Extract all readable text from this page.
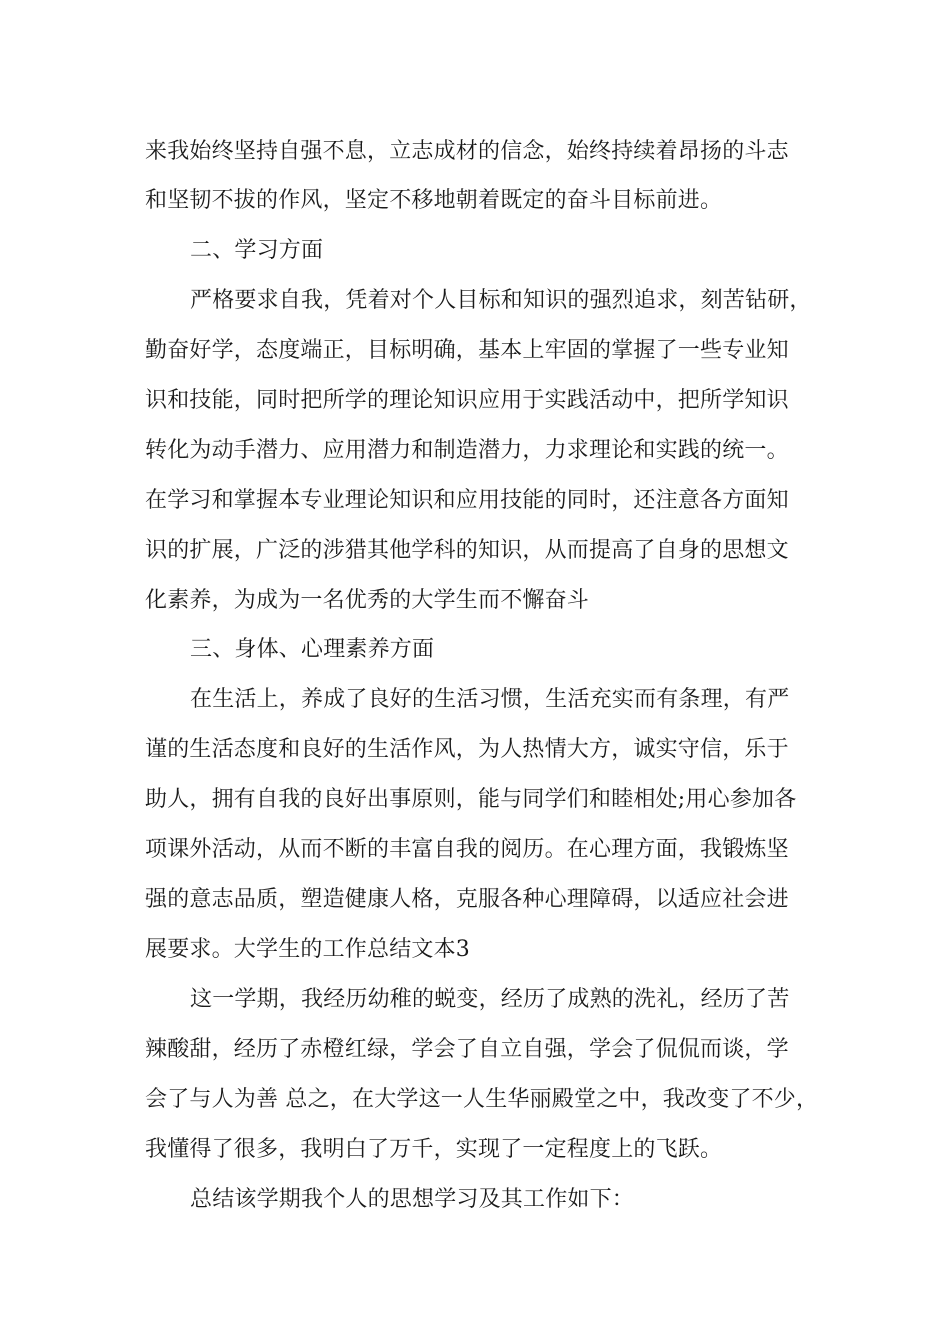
来我始终坚持自强不息，立志成材的信念，始终持续着昂扬的斗志

和坚韧不拔的作风，坚定不移地朝着既定的奋斗目标前进。

二、学习方面

严格要求自我，凭着对个人目标和知识的强烈追求，刻苦钻研，

勤奋好学，态度端正，目标明确，基本上牢固的掌握了一些专业知

识和技能，同时把所学的理论知识应用于实践活动中，把所学知识

转化为动手潜力、应用潜力和制造潜力，力求理论和实践的统一。

在学习和掌握本专业理论知识和应用技能的同时，还注意各方面知

识的扩展，广泛的涉猎其他学科的知识，从而提高了自身的思想文

化素养，为成为一名优秀的大学生而不懈奋斗

三、身体、心理素养方面

在生活上，养成了良好的生活习惯，生活充实而有条理，有严

谨的生活态度和良好的生活作风，为人热情大方，诚实守信，乐于

助人，拥有自我的良好出事原则，能与同学们和睦相处;用心参加各

项课外活动，从而不断的丰富自我的阅历。在心理方面，我锻炼坚

强的意志品质，塑造健康人格，克服各种心理障碍，以适应社会进

展要求。大学生的工作总结文本3

这一学期，我经历幼稚的蜕变，经历了成熟的洗礼，经历了苦

辣酸甜，经历了赤橙红绿，学会了自立自强，学会了侃侃而谈，学

会了与人为善 总之，在大学这一人生华丽殿堂之中，我改变了不少，

我懂得了很多，我明白了万千，实现了一定程度上的飞跃。

总结该学期我个人的思想学习及其工作如下：
